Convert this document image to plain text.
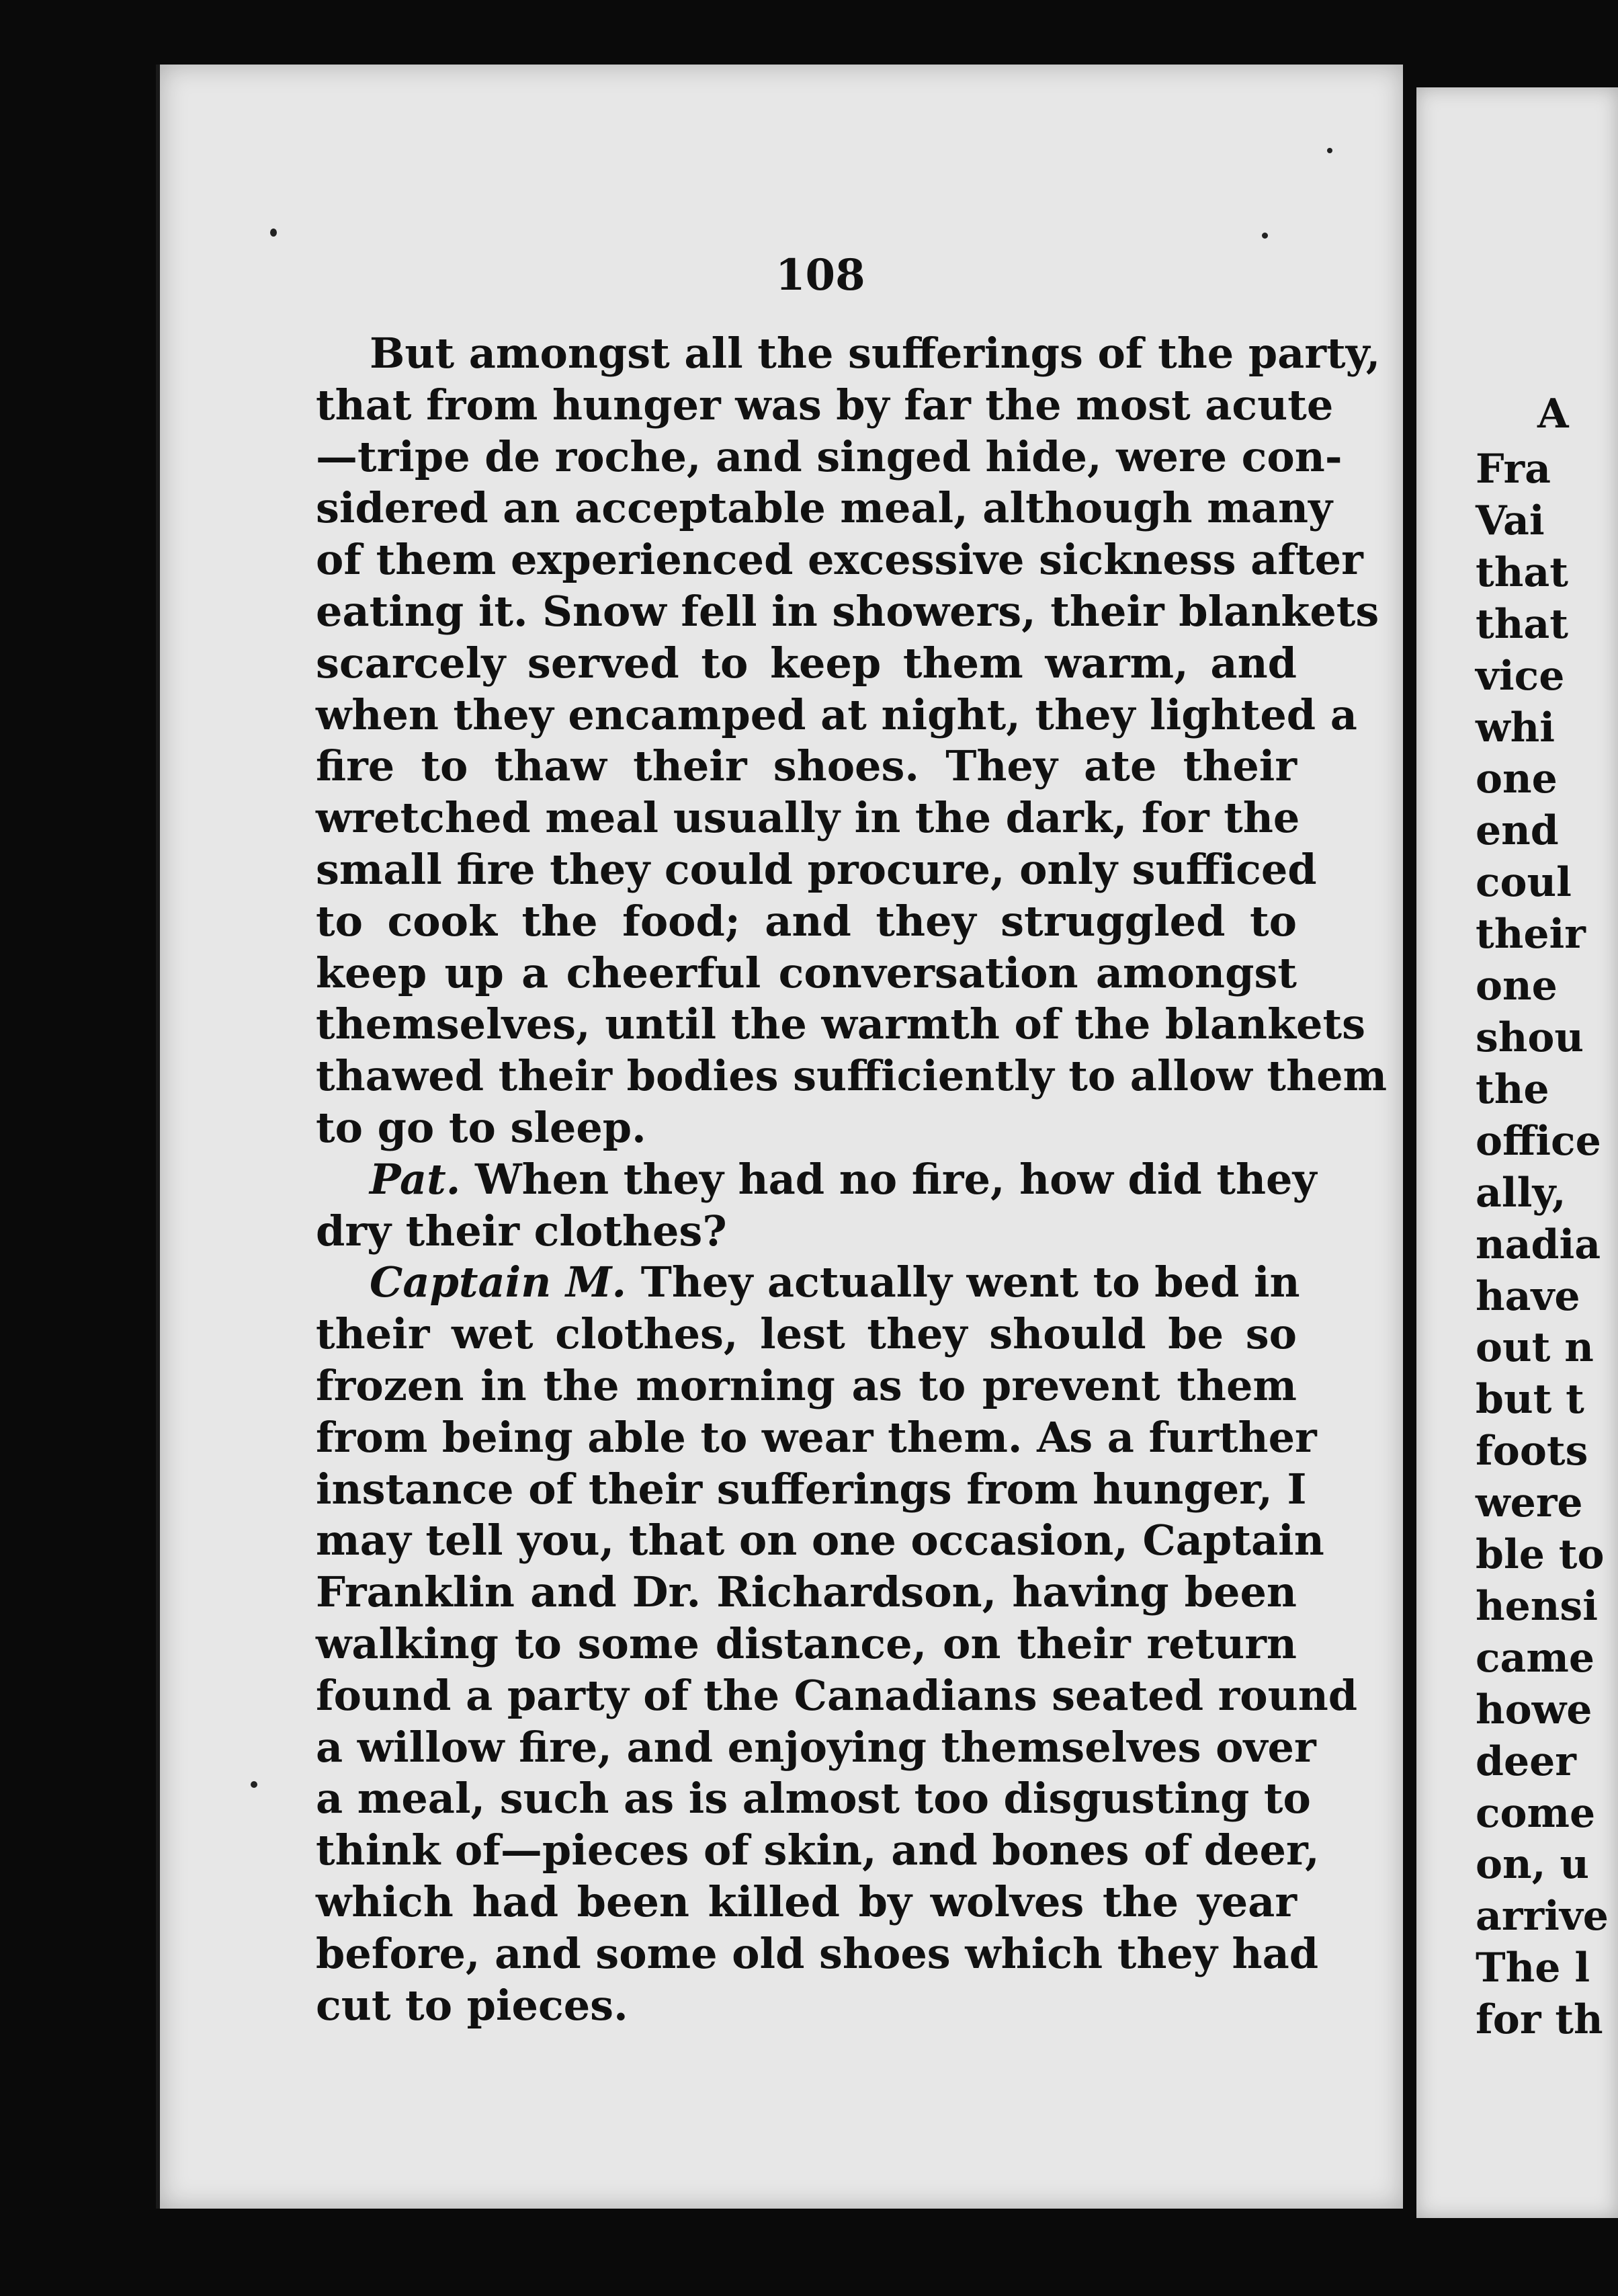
108
But amongst all the sufferings of the party,
that from hunger was by far the most acute
—tripe de roche, and singed hide, were con-
sidered an acceptable meal, although many
of them experienced excessive sickness after
eating it. Snow fell in showers, their blankets
scarcely served to keep them warm, and
when they encamped at night, they lighted a
fire to thaw their shoes. They ate their
wretched meal usually in the dark, for the
small fire they could procure, only sufficed
to cook the food; and they struggled to
keep up a cheerful conversation amongst
themselves, until the warmth of the blankets
thawed their bodies sufficiently to allow them
to go to sleep.
Pat. When they had no fire, how did they
dry their clothes?
Captain M. They actually went to bed in
their wet clothes, lest they should be so
frozen in the morning as to prevent them
from being able to wear them. As a further
instance of their sufferings from hunger, I
may tell you, that on one occasion, Captain
Franklin and Dr. Richardson, having been
walking to some distance, on their return
found a party of the Canadians seated round
a willow fire, and enjoying themselves over
a meal, such as is almost too disgusting to
think of—pieces of skin, and bones of deer,
which had been killed by wolves the year
before, and some old shoes which they had
cut to pieces.
A
Fra
Vai
that
that
vice
whi
one
end
coul
their
one
shou
the
office
ally,
nadia
have
out n
but t
foots
were
ble to
hensi
came
howe
deer
come
on, u
arrive
The l
for th
